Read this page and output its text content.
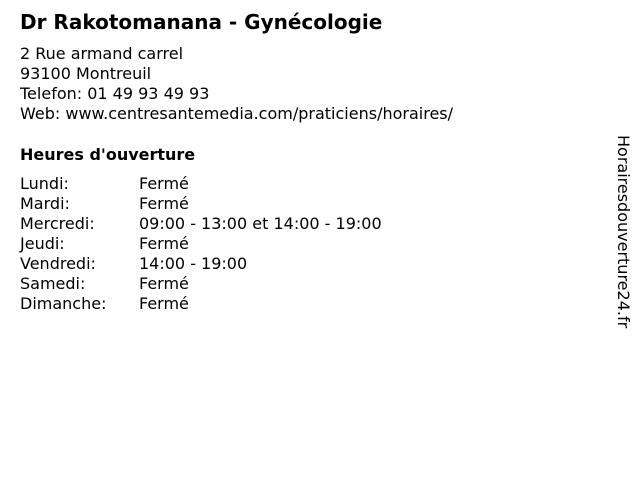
Dr Rakotomanana - Gynécologie
2 Rue armand carrel
93100 Montreuil
Telefon: 01 49 93 49 93
Web: www.centresantemedia.com/praticiens/horaires/
Heures d'ouverture
Lundi:	Fermé
Mardi:	Fermé
Mercredi:	09:00 - 13:00 et 14:00 - 19:00
Jeudi:	Fermé
Vendredi:	14:00 - 19:00
Samedi:	Fermé
Dimanche:	Fermé	Horairesdouverture24.fr
